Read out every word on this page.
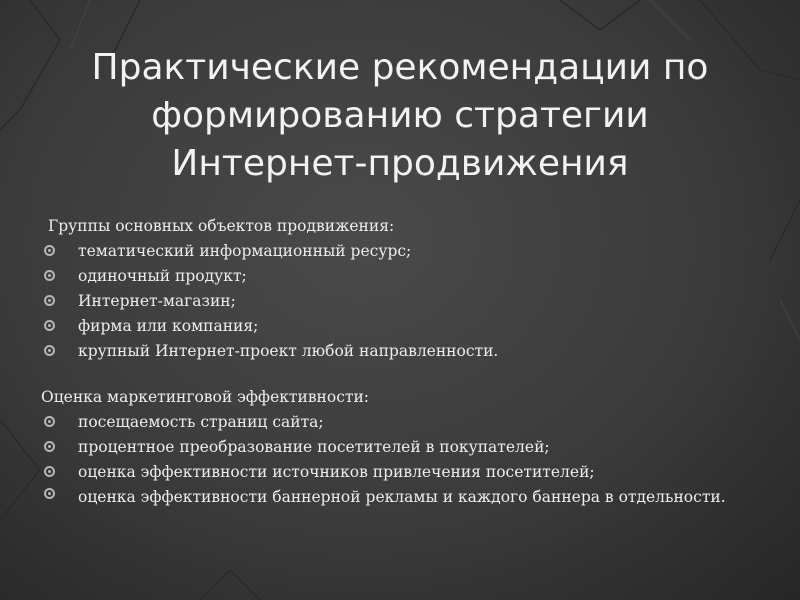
Практические рекомендации по
формированию стратегии
Интернет-продвижения

Группы основных объектов продвижения:

тематический информационный ресурс;
одиночный продукт;
Интернет-магазин;
фирма или компания;
крупный Интернет-проект любой направленности.

Оценка маркетинговой эффективности:

посещаемость страниц сайта;
процентное преобразование посетителей в покупателей;
оценка эффективности источников привлечения посетителей;
оценка эффективности баннерной рекламы и каждого баннера в отдельности.
